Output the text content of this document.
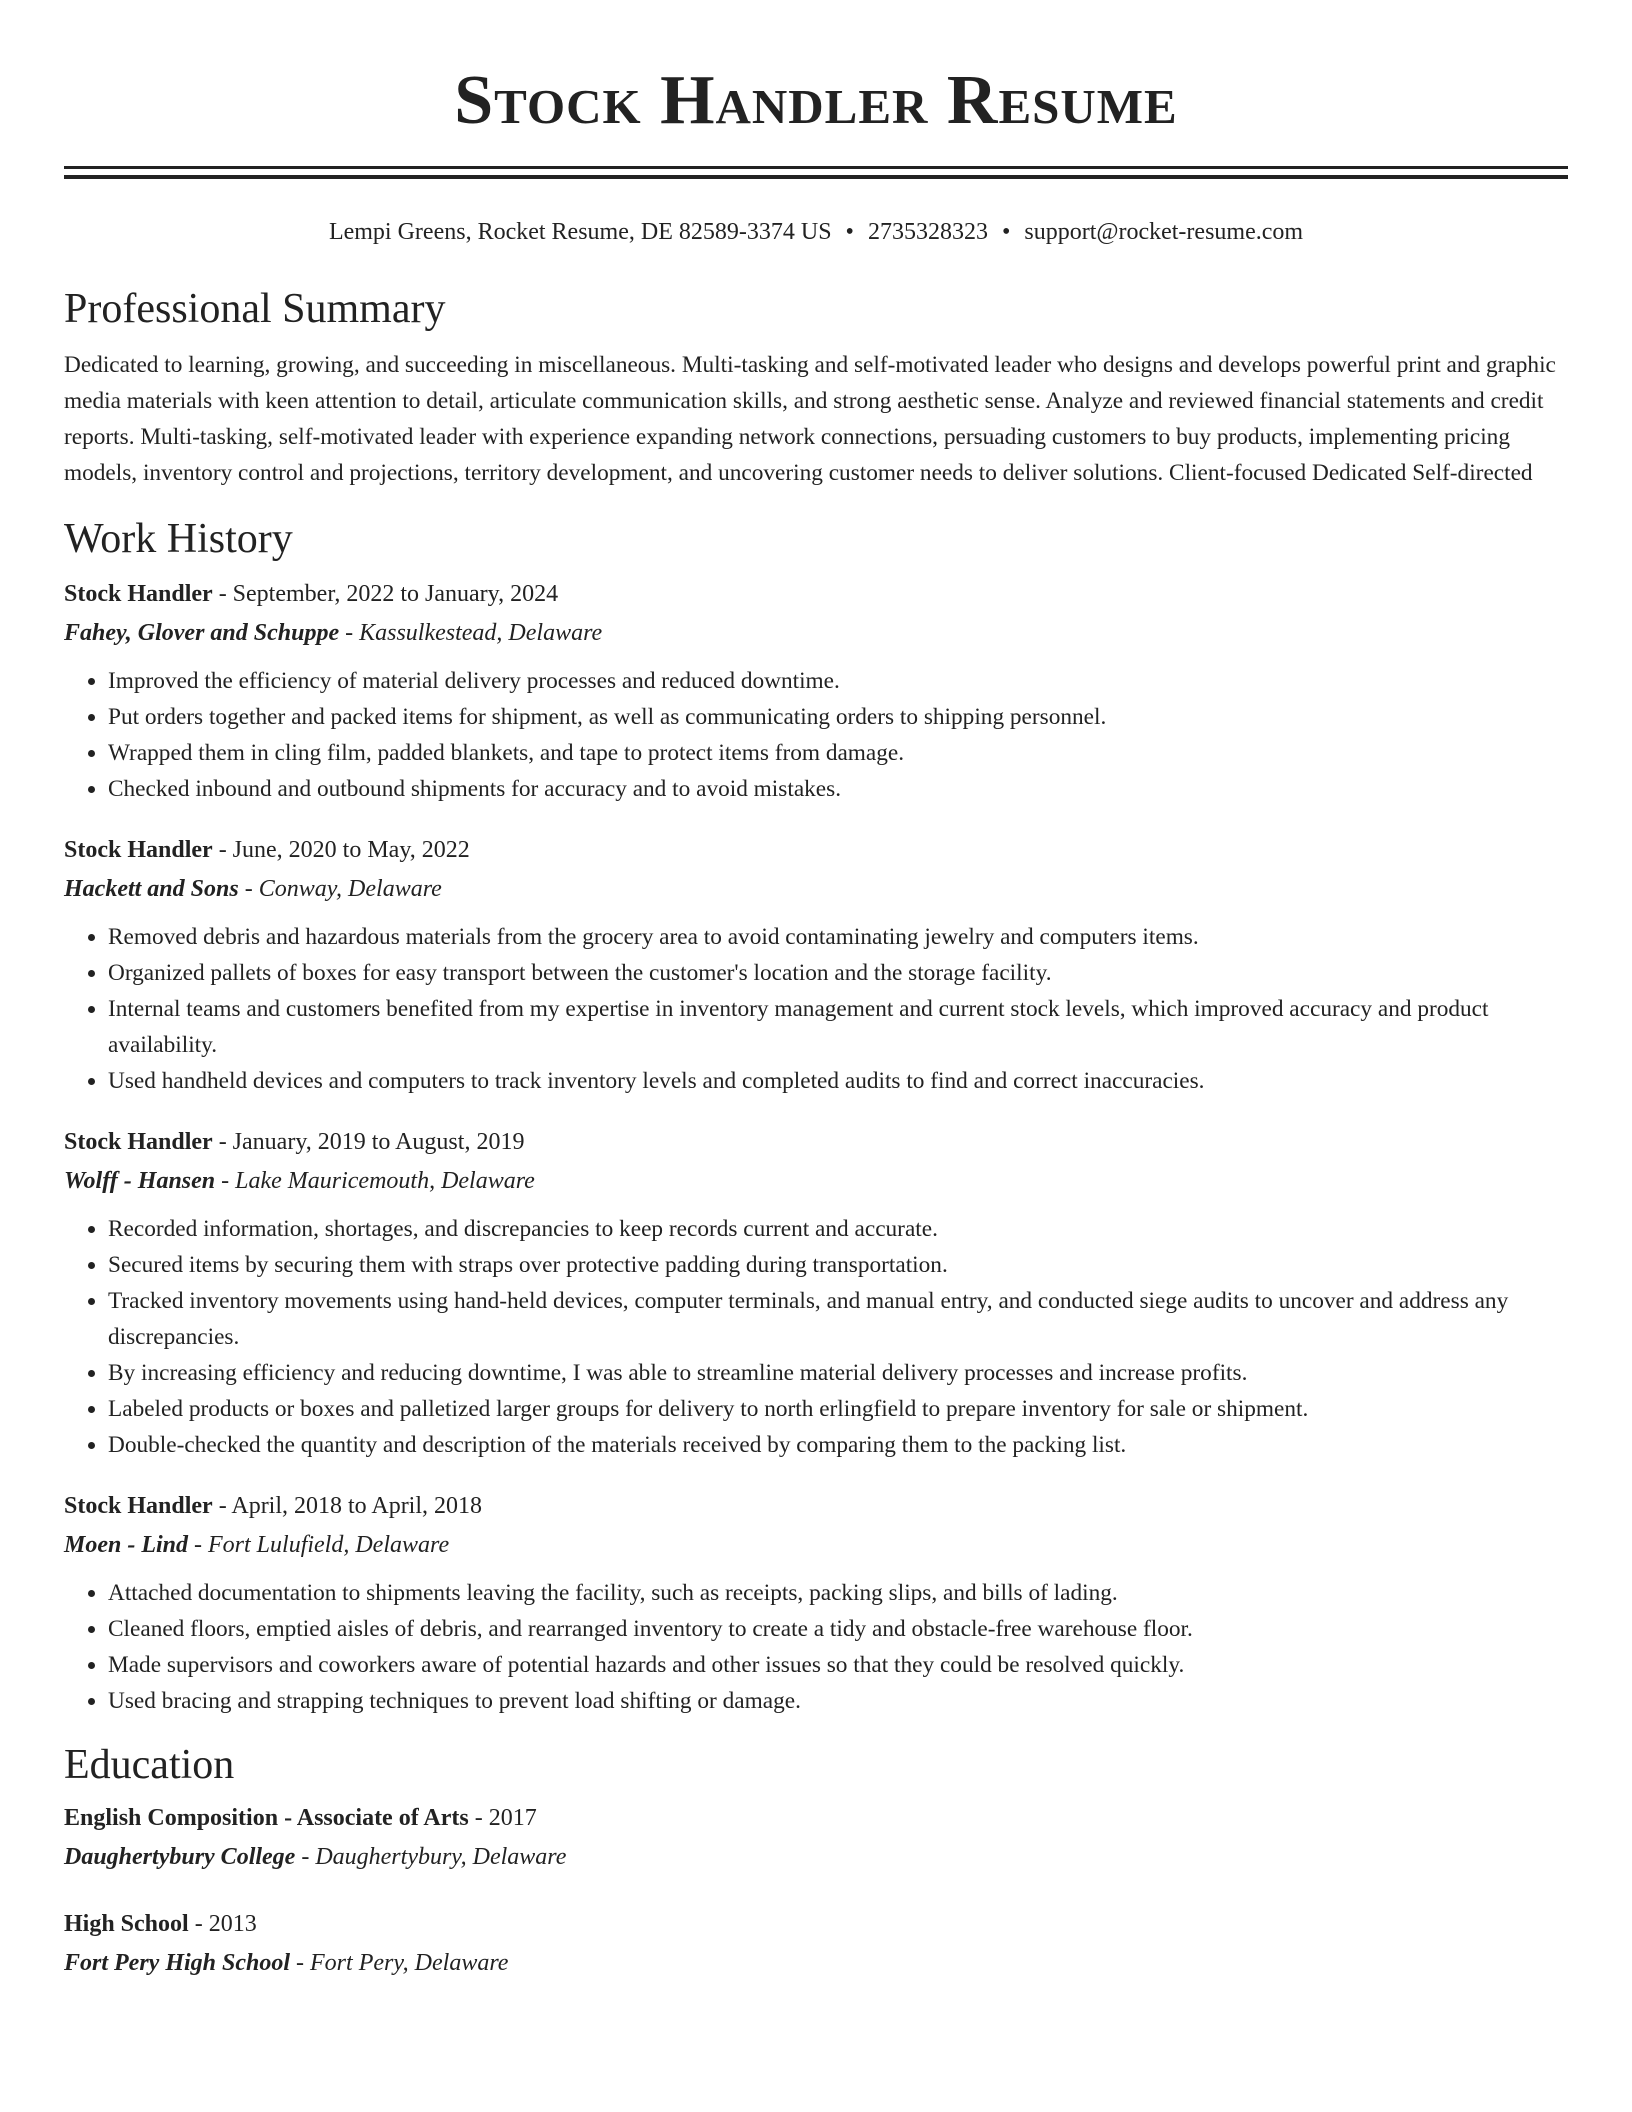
Stock Handler Resume
Lempi Greens, Rocket Resume, DE 82589-3374 US • 2735328323 • support@rocket-resume.com
Professional Summary
Dedicated to learning, growing, and succeeding in miscellaneous. Multi-tasking and self-motivated leader who designs and develops powerful print and graphic media materials with keen attention to detail, articulate communication skills, and strong aesthetic sense. Analyze and reviewed financial statements and credit reports. Multi-tasking, self-motivated leader with experience expanding network connections, persuading customers to buy products, implementing pricing models, inventory control and projections, territory development, and uncovering customer needs to deliver solutions. Client-focused Dedicated Self-directed
Work History
Stock Handler - September, 2022 to January, 2024
Fahey, Glover and Schuppe - Kassulkestead, Delaware
• Improved the efficiency of material delivery processes and reduced downtime.
• Put orders together and packed items for shipment, as well as communicating orders to shipping personnel.
• Wrapped them in cling film, padded blankets, and tape to protect items from damage.
• Checked inbound and outbound shipments for accuracy and to avoid mistakes.
Stock Handler - June, 2020 to May, 2022
Hackett and Sons - Conway, Delaware
• Removed debris and hazardous materials from the grocery area to avoid contaminating jewelry and computers items.
• Organized pallets of boxes for easy transport between the customer's location and the storage facility.
• Internal teams and customers benefited from my expertise in inventory management and current stock levels, which improved accuracy and product availability.
• Used handheld devices and computers to track inventory levels and completed audits to find and correct inaccuracies.
Stock Handler - January, 2019 to August, 2019
Wolff - Hansen - Lake Mauricemouth, Delaware
• Recorded information, shortages, and discrepancies to keep records current and accurate.
• Secured items by securing them with straps over protective padding during transportation.
• Tracked inventory movements using hand-held devices, computer terminals, and manual entry, and conducted siege audits to uncover and address any discrepancies.
• By increasing efficiency and reducing downtime, I was able to streamline material delivery processes and increase profits.
• Labeled products or boxes and palletized larger groups for delivery to north erlingfield to prepare inventory for sale or shipment.
• Double-checked the quantity and description of the materials received by comparing them to the packing list.
Stock Handler - April, 2018 to April, 2018
Moen - Lind - Fort Lulufield, Delaware
• Attached documentation to shipments leaving the facility, such as receipts, packing slips, and bills of lading.
• Cleaned floors, emptied aisles of debris, and rearranged inventory to create a tidy and obstacle-free warehouse floor.
• Made supervisors and coworkers aware of potential hazards and other issues so that they could be resolved quickly.
• Used bracing and strapping techniques to prevent load shifting or damage.
Education
English Composition - Associate of Arts - 2017
Daughertybury College - Daughertybury, Delaware
High School - 2013
Fort Pery High School - Fort Pery, Delaware
